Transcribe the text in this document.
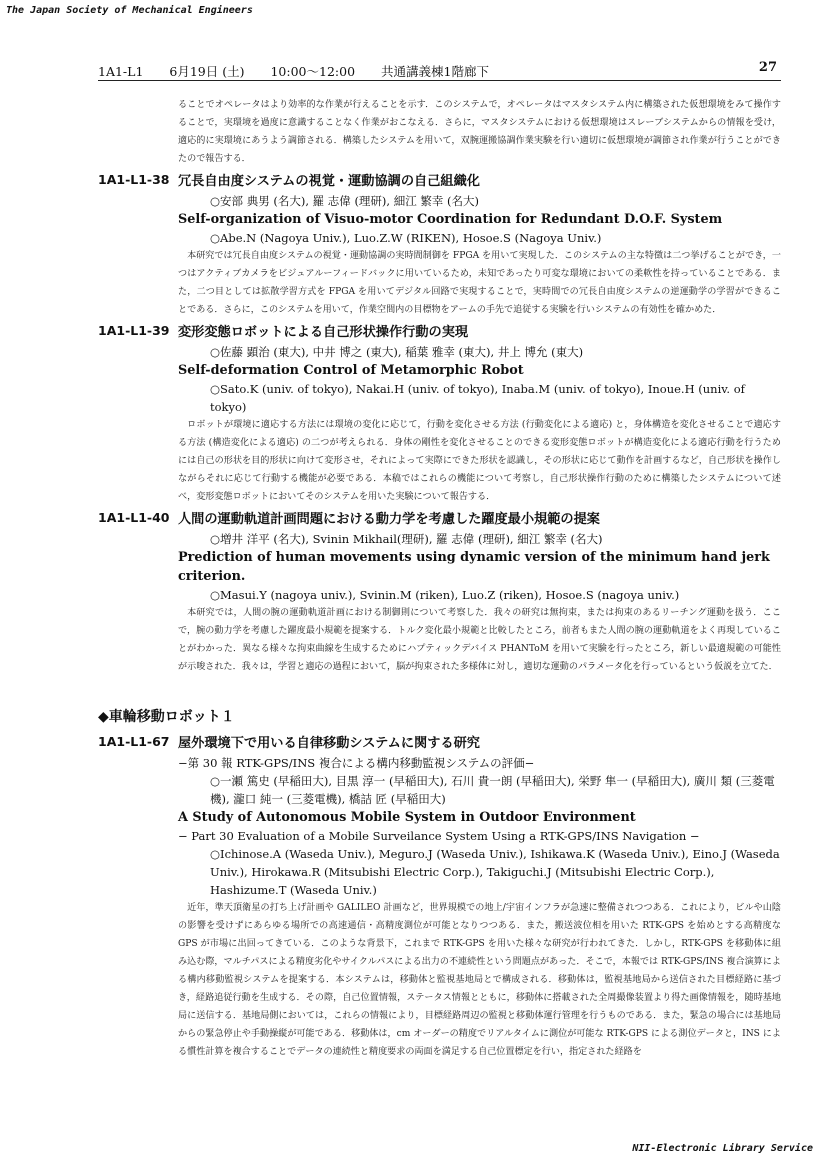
The Japan Society of Mechanical Engineers
1A1-L1 6月19日 (土) 10:00〜12:00 共通講義棟1階廊下	27

ることでオペレータはより効率的な作業が行えることを示す．このシステムで，オペレータはマスタシステム内に構築された仮想環境をみて操作することで，実環境を過度に意識することなく作業がおこなえる．さらに，マスタシステムにおける仮想環境はスレーブシステムからの情報を受け，適応的に実環境にあうよう調節される．構築したシステムを用いて，双腕運搬協調作業実験を行い適切に仮想環境が調節され作業が行うことができたので報告する．

1A1-L1-38 冗長自由度システムの視覚・運動協調の自己組織化
○安部 典男 (名大), 羅 志偉 (理研), 細江 繁幸 (名大)
Self-organization of Visuo-motor Coordination for Redundant D.O.F. System
○Abe.N (Nagoya Univ.), Luo.Z.W (RIKEN), Hosoe.S (Nagoya Univ.)

本研究では冗長自由度システムの視覚・運動協調の実時間制御を FPGA を用いて実現した．このシステムの主な特徴は二つ挙げることができ，一つはアクティブカメラをビジュアルーフィードバックに用いているため，未知であったり可変な環境においての柔軟性を持っていることである．また，二つ目としては拡散学習方式を FPGA を用いてデジタル回路で実現することで，実時間での冗長自由度システムの逆運動学の学習ができることである．さらに，このシステムを用いて，作業空間内の目標物をアームの手先で追従する実験を行いシステムの有効性を確かめた．

1A1-L1-39 変形変態ロボットによる自己形状操作行動の実現
○佐藤 顕治 (東大), 中井 博之 (東大), 稲葉 雅幸 (東大), 井上 博允 (東大)
Self-deformation Control of Metamorphic Robot
○Sato.K (univ. of tokyo), Nakai.H (univ. of tokyo), Inaba.M (univ. of tokyo), Inoue.H (univ. of tokyo)

ロボットが環境に適応する方法には環境の変化に応じて，行動を変化させる方法 (行動変化による適応) と，身体構造を変化させることで適応する方法 (構造変化による適応) の二つが考えられる．身体の剛性を変化させることのできる変形変態ロボットが構造変化による適応行動を行うためには自己の形状を目的形状に向けて変形させ，それによって実際にできた形状を認識し，その形状に応じて動作を計画するなど，自己形状を操作しながらそれに応じて行動する機能が必要である．本稿ではこれらの機能について考察し，自己形状操作行動のために構築したシステムについて述べ，変形変態ロボットにおいてそのシステムを用いた実験について報告する．

1A1-L1-40 人間の運動軌道計画問題における動力学を考慮した躍度最小規範の提案
○増井 洋平 (名大), Svinin Mikhail(理研), 羅 志偉 (理研), 細江 繁幸 (名大)
Prediction of human movements using dynamic version of the minimum hand jerk criterion.
○Masui.Y (nagoya univ.), Svinin.M (riken), Luo.Z (riken), Hosoe.S (nagoya univ.)

本研究では，人間の腕の運動軌道計画における制御則について考察した．我々の研究は無拘束，または拘束のあるリーチング運動を扱う．ここで，腕の動力学を考慮した躍度最小規範を提案する．トルク変化最小規範と比較したところ，前者もまた人間の腕の運動軌道をよく再現していることがわかった．異なる様々な拘束曲線を生成するためにハプティックデバイス PHANToM を用いて実験を行ったところ，新しい最適規範の可能性が示唆された．我々は，学習と適応の過程において，脳が拘束された多様体に対し，適切な運動のパラメータ化を行っているという仮説を立てた．

◆車輪移動ロボット１
1A1-L1-67 屋外環境下で用いる自律移動システムに関する研究
−第 30 報 RTK-GPS/INS 複合による構内移動監視システムの評価−
○一瀬 篤史 (早稲田大), 目黒 淳一 (早稲田大), 石川 貴一朗 (早稲田大), 栄野 隼一 (早稲田大), 廣川 類 (三菱電機), 瀧口 純一 (三菱電機), 橋詰 匠 (早稲田大)
A Study of Autonomous Mobile System in Outdoor Environment
− Part 30 Evaluation of a Mobile Surveilance System Using a RTK-GPS/INS Navigation −
○Ichinose.A (Waseda Univ.), Meguro.J (Waseda Univ.), Ishikawa.K (Waseda Univ.), Eino.J (Waseda Univ.), Hirokawa.R (Mitsubishi Electric Corp.), Takiguchi.J (Mitsubishi Electric Corp.), Hashizume.T (Waseda Univ.)

近年，準天頂衛星の打ち上げ計画や GALILEO 計画など，世界規模での地上/宇宙インフラが急速に整備されつつある．これにより，ビルや山陰の影響を受けずにあらゆる場所での高速通信・高精度測位が可能となりつつある．また，搬送波位相を用いた RTK-GPS を始めとする高精度な GPS が市場に出回ってきている．このような背景下，これまで RTK-GPS を用いた様々な研究が行われてきた．しかし，RTK-GPS を移動体に組み込む際，マルチパスによる精度劣化やサイクルパスによる出力の不連続性という問題点があった．そこで，本報では RTK-GPS/INS 複合演算による構内移動監視システムを提案する．本システムは，移動体と監視基地局とで構成される．移動体は，監視基地局から送信された目標経路に基づき，経路追従行動を生成する．その際，自己位置情報，ステータス情報とともに，移動体に搭載された全周撮像装置より得た画像情報を，随時基地局に送信する．基地局側においては，これらの情報により，目標経路周辺の監視と移動体運行管理を行うものである．また，緊急の場合には基地局からの緊急停止や手動操縦が可能である．移動体は，cm オーダーの精度でリアルタイムに測位が可能な RTK-GPS による測位データと，INS による慣性計算を複合することでデータの連続性と精度要求の両面を満足する自己位置標定を行い，指定された経路を

NII-Electronic Library Service
